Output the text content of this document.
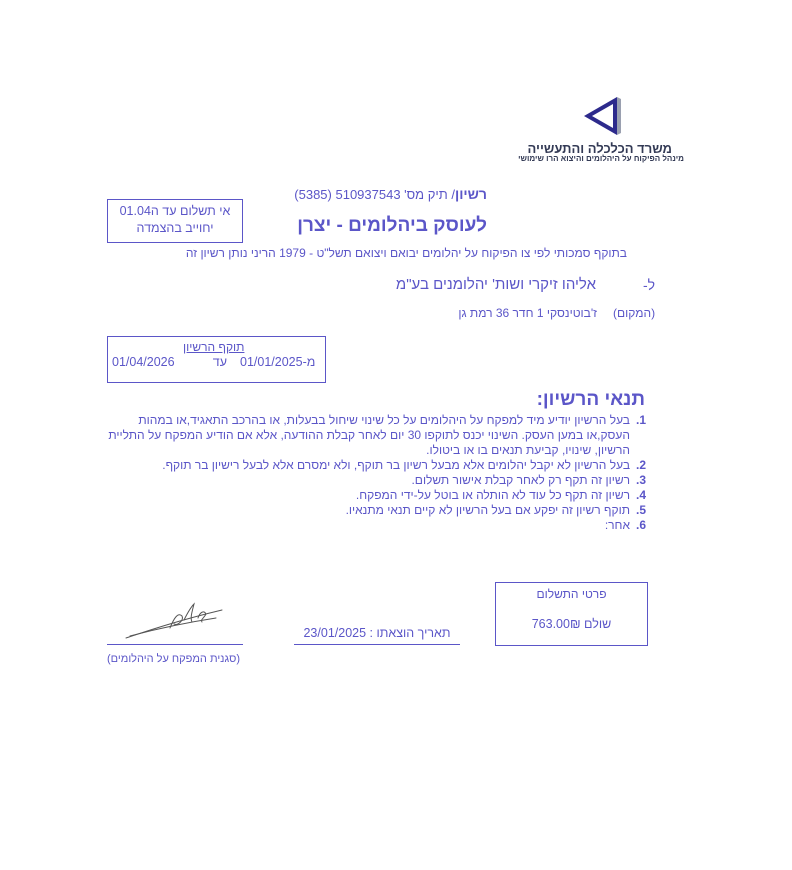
משרד הכלכלה והתעשייה
מינהל הפיקוח על היהלומים והיצוא הרו שימושי
אי תשלום עד ה01.04
יחוייב בהצמדה
רשיון/ תיק מס' 510937543 (5385)
לעוסק ביהלומים - יצרן
בתוקף סמכותי לפי צו הפיקוח על יהלומים יבואם ויצואם תשל"ט - 1979 הריני נותן רשיון זה
ל-
אליהו זיקרי ושות' יהלומנים בע"מ
(המקום)
ז'בוטינסקי 1 חדר 36 רמת גן
תוקף הרשיון
מ-01/01/2025
עד           01/04/2026
תנאי הרשיון:
1.
בעל הרשיון יודיע מיד למפקח על היהלומים על כל שינוי שיחול בבעלות, או בהרכב התאגיד,או במהות העסק,או במען העסק. השינוי יכנס לתוקפו 30 יום לאחר קבלת ההודעה, אלא אם הודיע המפקח על התליית הרשיון, שינויו, קביעת תנאים בו או ביטולו.
2.
בעל הרשיון לא יקבל יהלומים אלא מבעל רשיון בר תוקף, ולא ימסרם אלא לבעל רישיון בר תוקף.
3.
רשיון זה תקף רק לאחר קבלת אישור תשלום.
4.
רשיון זה תקף כל עוד לא הותלה או בוטל על-ידי המפקח.
5.
תוקף רשיון זה יפקע אם בעל הרשיון לא קיים תנאי מתנאיו.
6.
אחר:
פרטי התשלום
שולם 763.00₪
תאריך הוצאתו : 23/01/2025
(סגנית המפקח על היהלומים)
